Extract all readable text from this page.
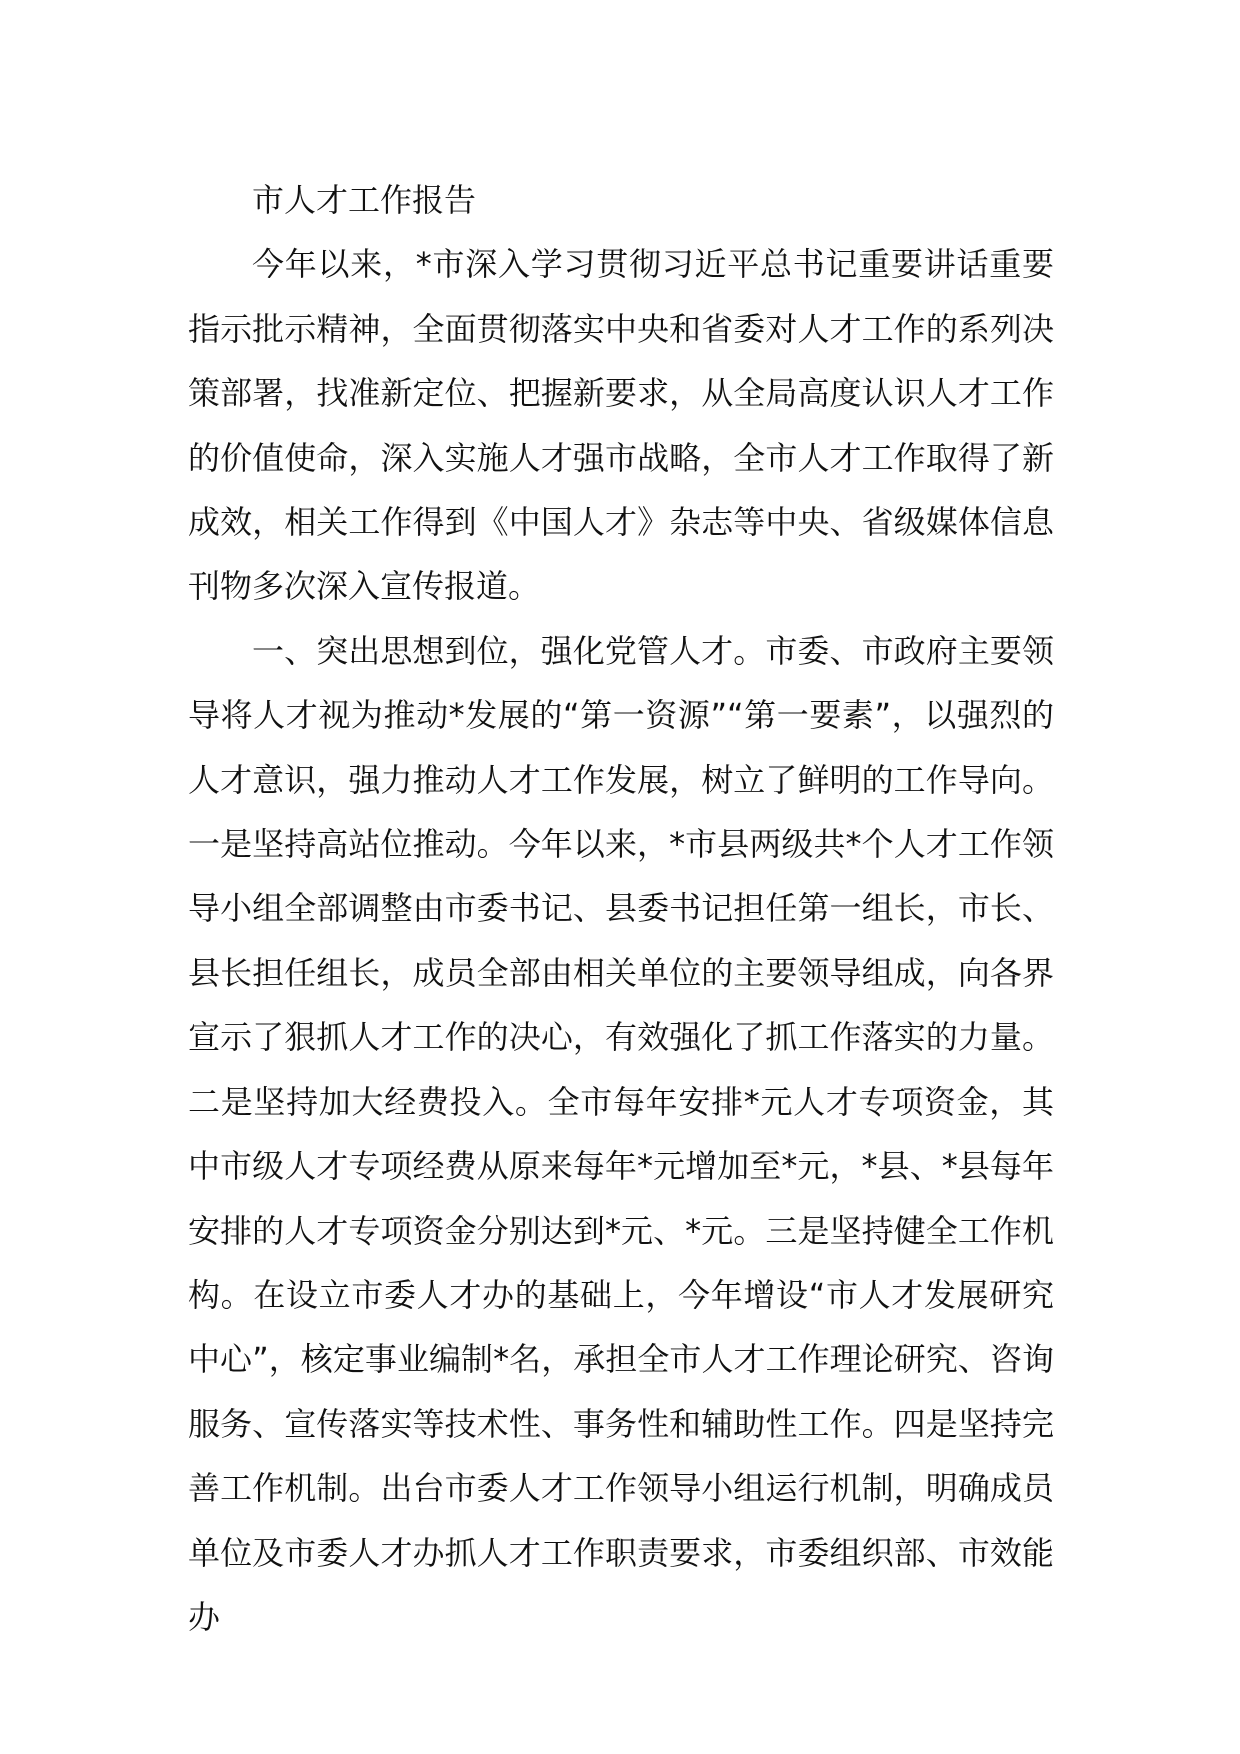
市人才工作报告

今年以来，*市深入学习贯彻习近平总书记重要讲话重要指示批示精神，全面贯彻落实中央和省委对人才工作的系列决策部署，找准新定位、把握新要求，从全局高度认识人才工作的价值使命，深入实施人才强市战略，全市人才工作取得了新成效，相关工作得到《中国人才》杂志等中央、省级媒体信息刊物多次深入宣传报道。

一、突出思想到位，强化党管人才。市委、市政府主要领导将人才视为推动*发展的“第一资源”“第一要素”，以强烈的人才意识，强力推动人才工作发展，树立了鲜明的工作导向。一是坚持高站位推动。今年以来，*市县两级共*个人才工作领导小组全部调整由市委书记、县委书记担任第一组长，市长、县长担任组长，成员全部由相关单位的主要领导组成，向各界宣示了狠抓人才工作的决心，有效强化了抓工作落实的力量。二是坚持加大经费投入。全市每年安排*元人才专项资金，其中市级人才专项经费从原来每年*元增加至*元，*县、*县每年安排的人才专项资金分别达到*元、*元。三是坚持健全工作机构。在设立市委人才办的基础上，今年增设“市人才发展研究中心”，核定事业编制*名，承担全市人才工作理论研究、咨询服务、宣传落实等技术性、事务性和辅助性工作。四是坚持完善工作机制。出台市委人才工作领导小组运行机制，明确成员单位及市委人才办抓人才工作职责要求，市委组织部、市效能办
